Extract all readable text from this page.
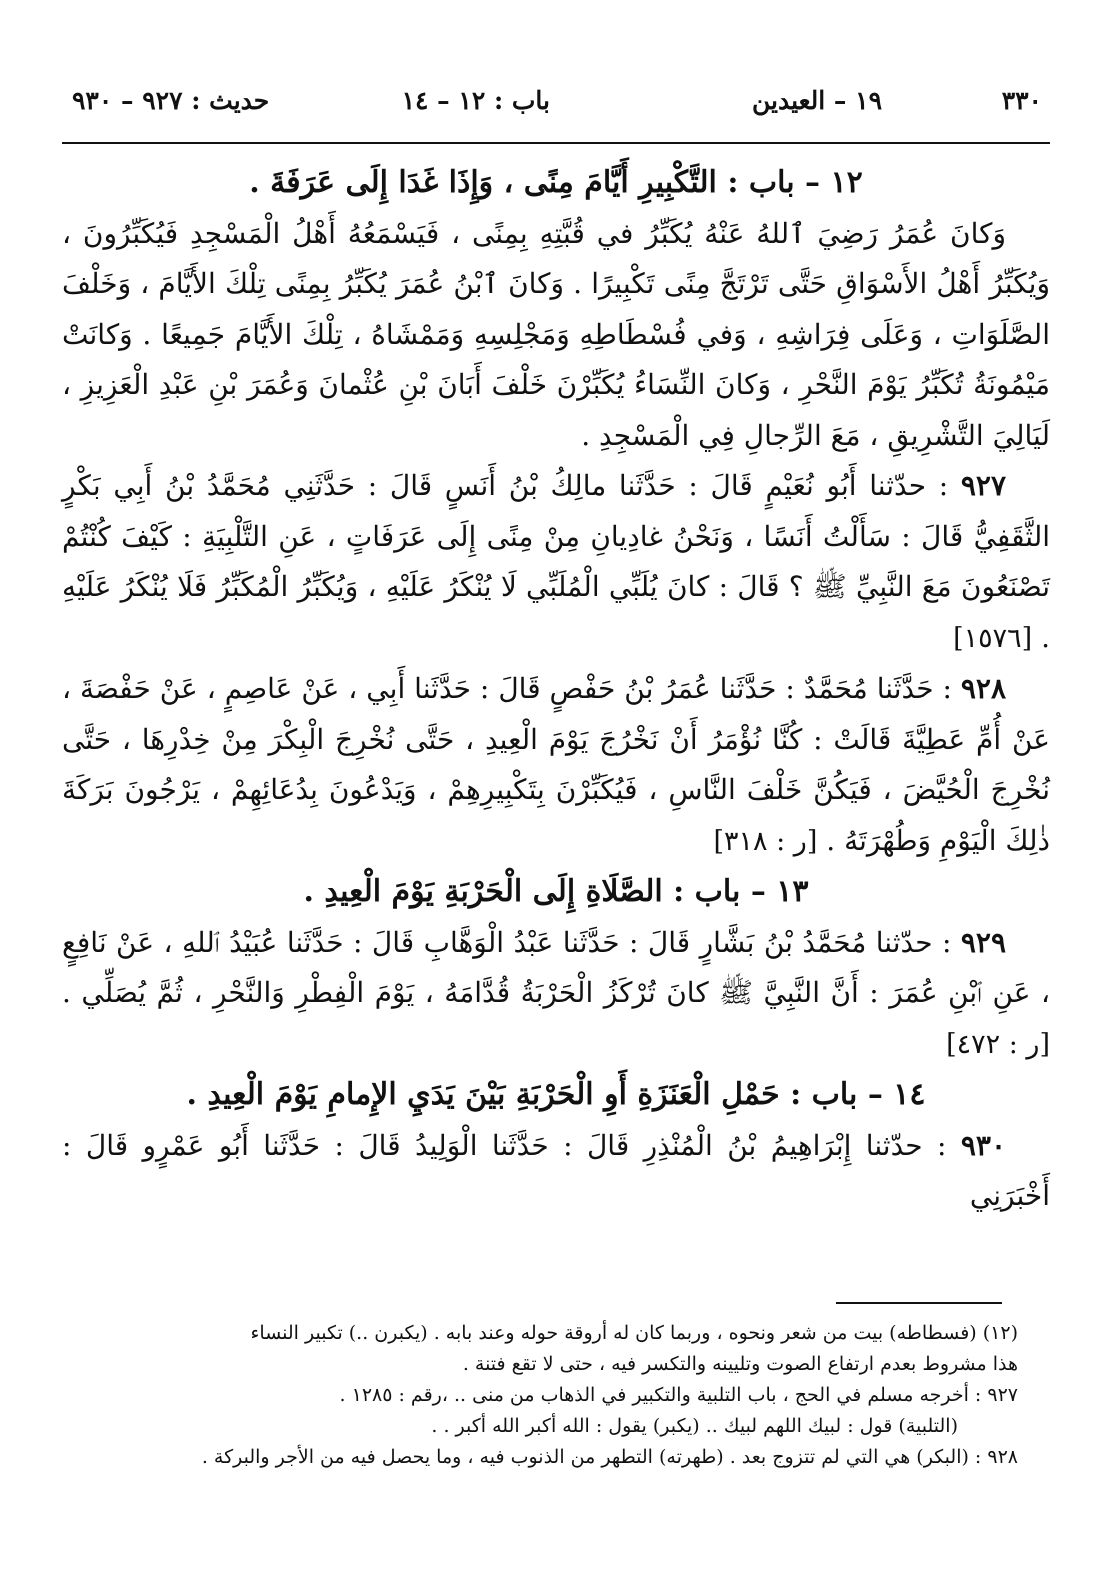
٣٣٠
١٩ – العيدين
باب : ١٢ – ١٤
حديث : ٩٢٧ – ٩٣٠

١٢ – باب : التَّكْبِيرِ أَيَّامَ مِنًى ، وَإِذَا غَدَا إِلَى عَرَفَةَ .

وَكانَ عُمَرُ رَضِيَ ٱللهُ عَنْهُ يُكَبِّرُ في قُبَّتِهِ بِمِنًى ، فَيَسْمَعُهُ أَهْلُ الْمَسْجِدِ فَيُكَبِّرُونَ ، وَيُكَبِّرُ أَهْلُ الأَسْوَاقِ حَتَّى تَرْتَجَّ مِنًى تَكْبِيرًا . وَكانَ ٱبْنُ عُمَرَ يُكَبِّرُ بِمِنًى تِلْكَ الأَيَّامَ ، وَخَلْفَ الصَّلَوَاتِ ، وَعَلَى فِرَاشِهِ ، وَفي فُسْطَاطِهِ وَمَجْلِسِهِ وَمَمْشَاهُ ، تِلْكَ الأَيَّامَ جَمِيعًا . وَكانَتْ مَيْمُونَةُ تُكَبِّرُ يَوْمَ النَّحْرِ ، وَكانَ النِّسَاءُ يُكَبِّرْنَ خَلْفَ أَبَانَ بْنِ عُثْمانَ وَعُمَرَ بْنِ عَبْدِ الْعَزِيزِ ، لَيَالِيَ التَّشْرِيقِ ، مَعَ الرِّجالِ فِي الْمَسْجِدِ .

٩٢٧ : حدّثنا أَبُو نُعَيْمٍ قَالَ : حَدَّثَنا مالِكُ بْنُ أَنَسٍ قَالَ : حَدَّثَنِي مُحَمَّدُ بْنُ أَبِي بَكْرٍ الثَّقَفِيُّ قَالَ : سَأَلْتُ أَنَسًا ، وَنَحْنُ غادِيانِ مِنْ مِنًى إِلَى عَرَفَاتٍ ، عَنِ التَّلْبِيَةِ : كَيْفَ كُنْتُمْ تَصْنَعُونَ مَعَ النَّبِيِّ ﷺ ؟ قَالَ : كانَ يُلَبِّي الْمُلَبِّي لَا يُنْكَرُ عَلَيْهِ ، وَيُكَبِّرُ الْمُكَبِّرُ فَلَا يُنْكَرُ عَلَيْهِ . [١٥٧٦]

٩٢٨ : حَدَّثَنا مُحَمَّدٌ : حَدَّثَنا عُمَرُ بْنُ حَفْصٍ قَالَ : حَدَّثَنا أَبِي ، عَنْ عَاصِمٍ ، عَنْ حَفْصَةَ ، عَنْ أُمِّ عَطِيَّةَ قَالَتْ : كُنَّا نُؤْمَرُ أَنْ نَخْرُجَ يَوْمَ الْعِيدِ ، حَتَّى نُخْرِجَ الْبِكْرَ مِنْ خِدْرِهَا ، حَتَّى نُخْرِجَ الْحُيَّضَ ، فَيَكُنَّ خَلْفَ النَّاسِ ، فَيُكَبِّرْنَ بِتَكْبِيرِهِمْ ، وَيَدْعُونَ بِدُعَائِهِمْ ، يَرْجُونَ بَرَكَةَ ذٰلِكَ الْيَوْمِ وَطُهْرَتَهُ . [ر : ٣١٨]

١٣ – باب : الصَّلَاةِ إِلَى الْحَرْبَةِ يَوْمَ الْعِيدِ .

٩٢٩ : حدّثنا مُحَمَّدُ بْنُ بَشَّارٍ قَالَ : حَدَّثَنا عَبْدُ الْوَهَّابِ قَالَ : حَدَّثَنا عُبَيْدُ ٱللهِ ، عَنْ نَافِعٍ ، عَنِ ٱبْنِ عُمَرَ : أَنَّ النَّبِيَّ ﷺ كانَ تُرْكَزُ الْحَرْبَةُ قُدَّامَهُ ، يَوْمَ الْفِطْرِ وَالنَّحْرِ ، ثُمَّ يُصَلِّي . [ر : ٤٧٢]

١٤ – باب : حَمْلِ الْعَنَزَةِ أَوِ الْحَرْبَةِ بَيْنَ يَدَيِ الإِمامِ يَوْمَ الْعِيدِ .

٩٣٠ : حدّثنا إِبْرَاهِيمُ بْنُ الْمُنْذِرِ قَالَ : حَدَّثَنا الْوَلِيدُ قَالَ : حَدَّثَنا أَبُو عَمْرٍو قَالَ : أَخْبَرَنِي

(١٢) (فسطاطه) بيت من شعر ونحوه ، وربما كان له أروقة حوله وعند بابه . (يكبرن ..) تكبير النساء

هذا مشروط بعدم ارتفاع الصوت وتليينه والتكسر فيه ، حتى لا تقع فتنة .

٩٢٧ : أخرجه مسلم في الحج ، باب التلبية والتكبير في الذهاب من منى .. ،رقم : ١٢٨٥ .

(التلبية) قول : لبيك اللهم لبيك .. (يكبر) يقول : الله أكبر الله أكبر . .

٩٢٨ : (البكر) هي التي لم تتزوج بعد . (طهرته) التطهر من الذنوب فيه ، وما يحصل فيه من الأجر والبركة .
